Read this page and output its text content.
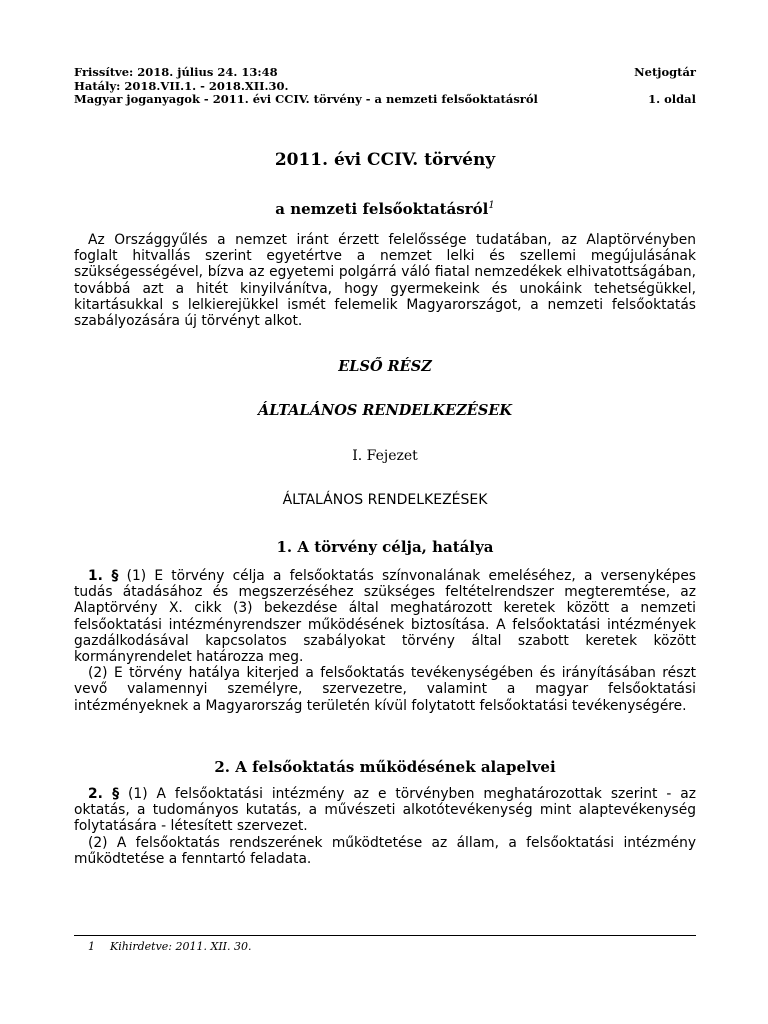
Frissítve: 2018. július 24. 13:48	Netjogtár
Hatály: 2018.VII.1. - 2018.XII.30.
Magyar joganyagok - 2011. évi CCIV. törvény - a nemzeti felsőoktatásról	1. oldal
2011. évi CCIV. törvény
a nemzeti felsőoktatásról$^1$

Az Országgyűlés a nemzet iránt érzett felelőssége tudatában, az Alaptörvényben foglalt hitvallás szerint egyetértve a nemzet lelki és szellemi megújulásának szükségességével, bízva az egyetemi polgárrá váló fiatal nemzedékek elhivatottságában, továbbá azt a hitét kinyilvánítva, hogy gyermekeink és unokáink tehetségükkel, kitartásukkal s lelkierejükkel ismét felemelik Magyarországot, a nemzeti felsőoktatás szabályozására új törvényt alkot.

ELSŐ RÉSZ
ÁLTALÁNOS RENDELKEZÉSEK
I. Fejezet
ÁLTALÁNOS RENDELKEZÉSEK
1. A törvény célja, hatálya

1. § (1) E törvény célja a felsőoktatás színvonalának emeléséhez, a versenyképes tudás átadásához és megszerzéséhez szükséges feltételrendszer megteremtése, az Alaptörvény X. cikk (3) bekezdése által meghatározott keretek között a nemzeti felsőoktatási intézményrendszer működésének biztosítása. A felsőoktatási intézmények gazdálkodásával kapcsolatos szabályokat törvény által szabott keretek között kormányrendelet határozza meg.

(2) E törvény hatálya kiterjed a felsőoktatás tevékenységében és irányításában részt vevő valamennyi személyre, szervezetre, valamint a magyar felsőoktatási intézményeknek a Magyarország területén kívül folytatott felsőoktatási tevékenységére.

2. A felsőoktatás működésének alapelvei

2. § (1) A felsőoktatási intézmény az e törvényben meghatározottak szerint - az oktatás, a tudományos kutatás, a művészeti alkotótevékenység mint alaptevékenység folytatására - létesített szervezet.

(2) A felsőoktatás rendszerének működtetése az állam, a felsőoktatási intézmény működtetése a fenntartó feladata.

1 Kihirdetve: 2011. XII. 30.
